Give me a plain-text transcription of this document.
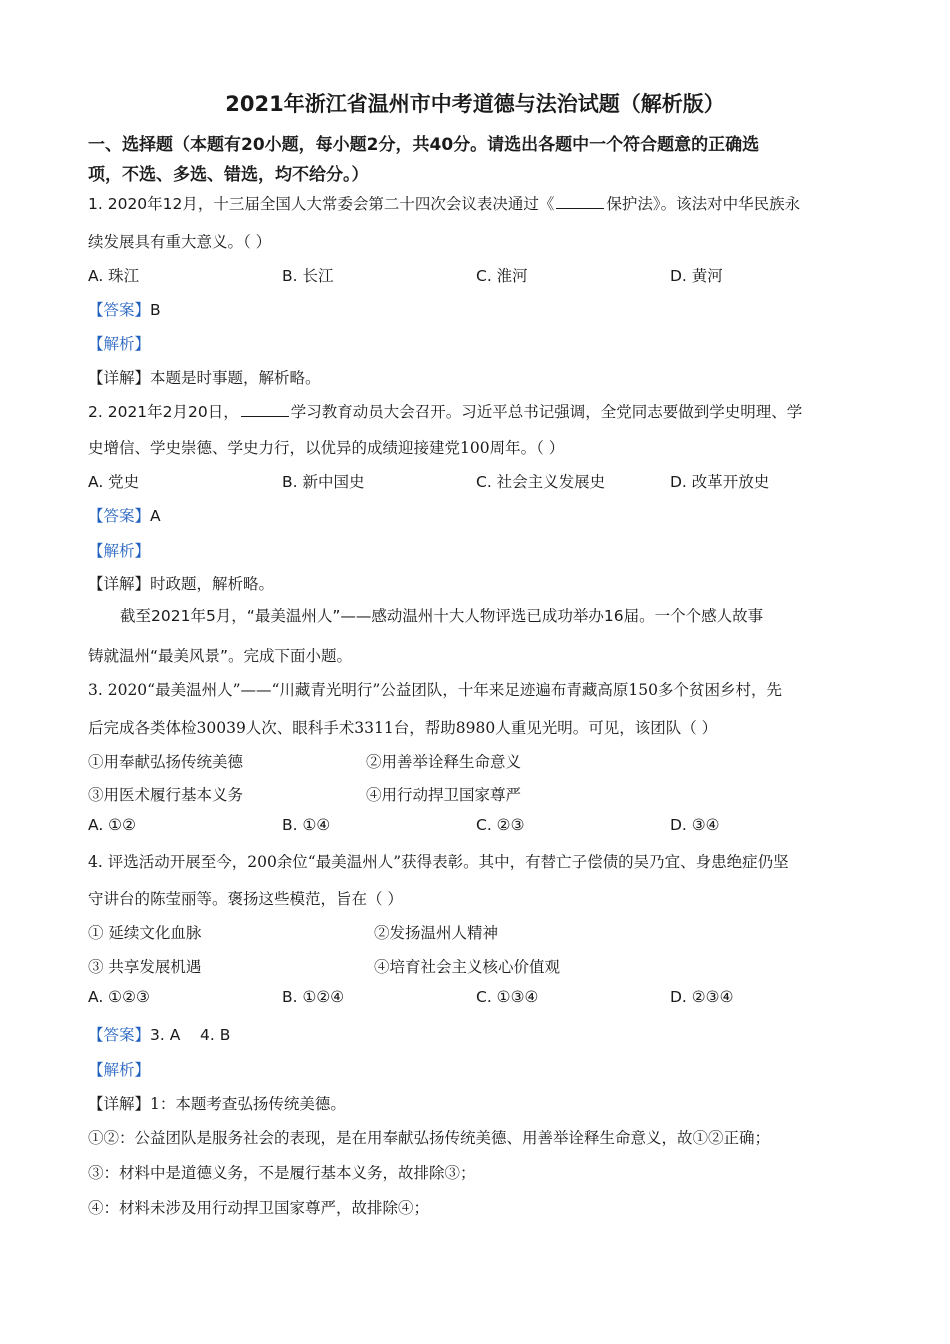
2021年浙江省温州市中考道德与法治试题（解析版）
一、选择题（本题有20小题，每小题2分，共40分。请选出各题中一个符合题意的正确选
项，不选、多选、错选，均不给分。）
1. 2020年12月，十三届全国人大常委会第二十四次会议表决通过《	保护法》。该法对中华民族永
续发展具有重大意义。（ ）
A. 珠江	B. 长江	C. 淮河	D. 黄河
【答案】B
【解析】
【详解】本题是时事题，解析略。
2. 2021年2月20日，	学习教育动员大会召开。习近平总书记强调，全党同志要做到学史明理、学
史增信、学史崇德、学史力行，以优异的成绩迎接建党100周年。（ ）
A. 党史	B. 新中国史	C. 社会主义发展史	D. 改革开放史
【答案】A
【解析】
【详解】时政题，解析略。
截至2021年5月，“最美温州人”——感动温州十大人物评选已成功举办16届。一个个感人故事
铸就温州“最美风景”。完成下面小题。
3. 2020“最美温州人”——“川藏青光明行”公益团队，十年来足迹遍布青藏高原150多个贫困乡村，先
后完成各类体检30039人次、眼科手术3311台，帮助8980人重见光明。可见，该团队（ ）
①用奉献弘扬传统美德	②用善举诠释生命意义
③用医术履行基本义务	④用行动捍卫国家尊严
A. ①②	B. ①④	C. ②③	D. ③④
4. 评选活动开展至今，200余位“最美温州人”获得表彰。其中，有替亡子偿债的吴乃宜、身患绝症仍坚
守讲台的陈莹丽等。褒扬这些模范，旨在（ ）
① 延续文化血脉	②发扬温州人精神
③ 共享发展机遇	④培育社会主义核心价值观
A. ①②③	B. ①②④	C. ①③④	D. ②③④
【答案】3. A    4. B
【解析】
【详解】1：本题考查弘扬传统美德。
①②：公益团队是服务社会的表现，是在用奉献弘扬传统美德、用善举诠释生命意义，故①②正确；
③：材料中是道德义务，不是履行基本义务，故排除③；
④：材料未涉及用行动捍卫国家尊严，故排除④；
